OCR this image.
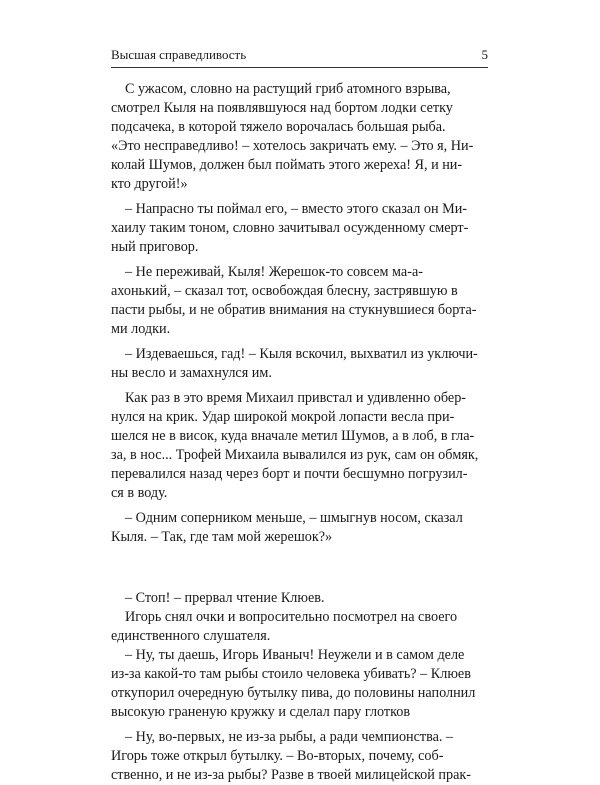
Высшая справедливость	5
С ужасом, словно на растущий гриб атомного взрыва,
смотрел Кыля на появлявшуюся над бортом лодки сетку
подсачека, в которой тяжело ворочалась большая рыба.
«Это несправедливо! – хотелось закричать ему. – Это я, Ни-
колай Шумов, должен был поймать этого жереха! Я, и ни-
кто другой!»
– Напрасно ты поймал его, – вместо этого сказал он Ми-
хаилу таким тоном, словно зачитывал осужденному смерт-
ный приговор.
– Не переживай, Кыля! Жерешок-то совсем ма-а-
ахонький, – сказал тот, освобождая блесну, застрявшую в
пасти рыбы, и не обратив внимания на стукнувшиеся борта-
ми лодки.
– Издеваешься, гад! – Кыля вскочил, выхватил из уключи-
ны весло и замахнулся им.
Как раз в это время Михаил привстал и удивленно обер-
нулся на крик. Удар широкой мокрой лопасти весла при-
шелся не в висок, куда вначале метил Шумов, а в лоб, в гла-
за, в нос... Трофей Михаила вывалился из рук, сам он обмяк,
перевалился назад через борт и почти бесшумно погрузил-
ся в воду.
– Одним соперником меньше, – шмыгнув носом, сказал
Кыля. – Так, где там мой жерешок?»
– Стоп! – прервал чтение Клюев.
Игорь снял очки и вопросительно посмотрел на своего
единственного слушателя.
– Ну, ты даешь, Игорь Иваныч! Неужели и в самом деле
из-за какой-то там рыбы стоило человека убивать? – Клюев
откупорил очередную бутылку пива, до половины наполнил
высокую граненую кружку и сделал пару глотков
– Ну, во-первых, не из-за рыбы, а ради чемпионства. –
Игорь тоже открыл бутылку. – Во-вторых, почему, соб-
ственно, и не из-за рыбы? Разве в твоей милицейской прак-
